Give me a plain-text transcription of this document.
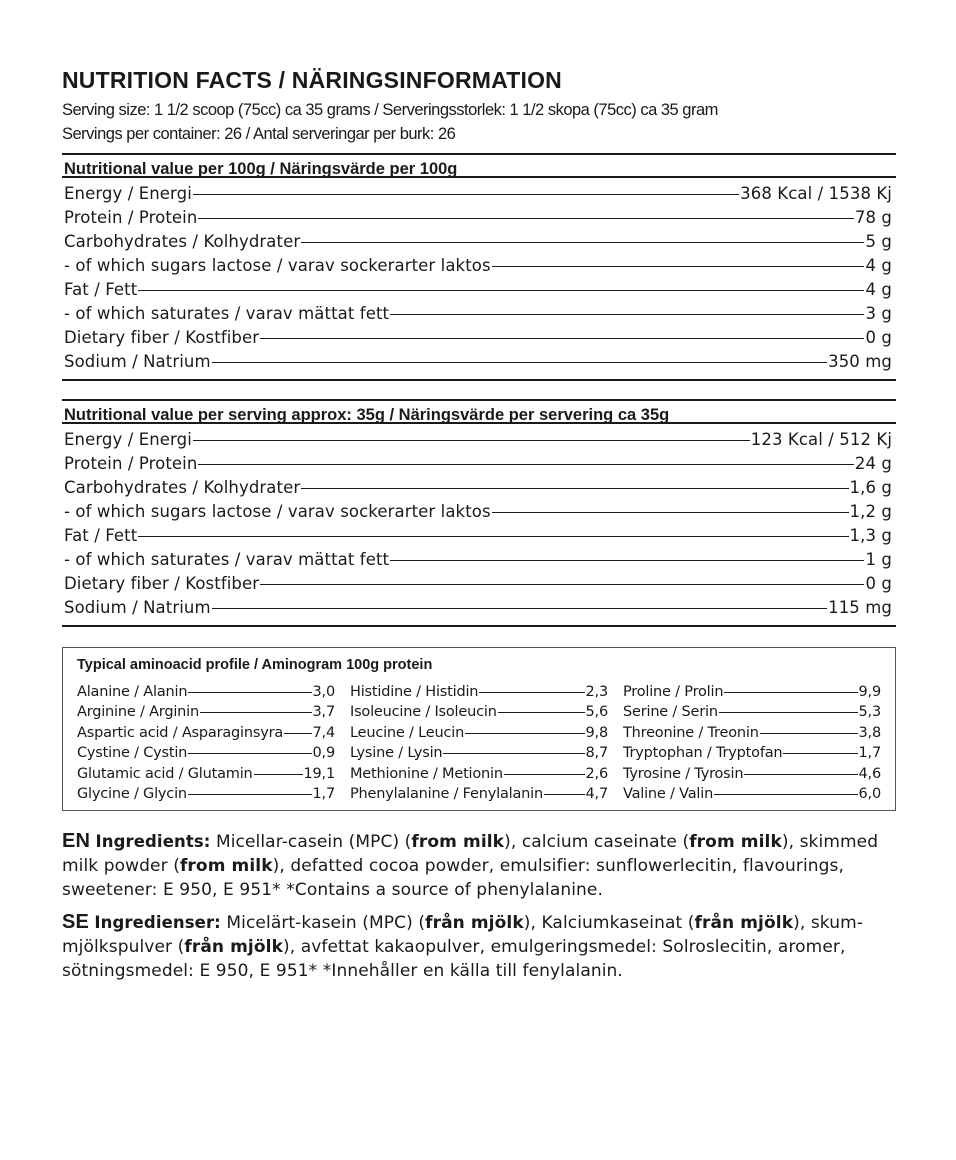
NUTRITION FACTS / NÄRINGSINFORMATION
Serving size: 1 1/2 scoop (75cc) ca 35 grams / Serveringsstorlek: 1 1/2 skopa (75cc) ca 35 gram
Servings per container: 26 / Antal serveringar per burk: 26
Nutritional value per 100g / Näringsvärde per 100g
Energy / Energi	368 Kcal / 1538 Kj
Protein / Protein	78 g
Carbohydrates / Kolhydrater	5 g
- of which sugars lactose / varav sockerarter laktos	4 g
Fat / Fett	4 g
- of which saturates / varav mättat fett	3 g
Dietary fiber / Kostfiber	0 g
Sodium / Natrium	350 mg
Nutritional value per serving approx: 35g / Näringsvärde per servering ca 35g
Energy / Energi	123 Kcal / 512 Kj
Protein / Protein	24 g
Carbohydrates / Kolhydrater	1,6 g
- of which sugars lactose / varav sockerarter laktos	1,2 g
Fat / Fett	1,3 g
- of which saturates / varav mättat fett	1 g
Dietary fiber / Kostfiber	0 g
Sodium / Natrium	115 mg
Typical aminoacid profile / Aminogram 100g protein
Alanine / Alanin	3,0
Arginine / Arginin	3,7
Aspartic acid / Asparaginsyra 7,4
Cystine / Cystin	0,9
Glutamic acid / Glutamin	19,1
Glycine / Glycin	1,7
Histidine / Histidin	2,3
Isoleucine / Isoleucin	5,6
Leucine / Leucin	9,8
Lysine / Lysin	8,7
Methionine / Metionin	2,6
Phenylalanine / Fenylalanin	4,7
Proline / Prolin	9,9
Serine / Serin	5,3
Threonine / Treonin	3,8
Tryptophan / Tryptofan	1,7
Tyrosine / Tyrosin	4,6
Valine / Valin	6,0

EN Ingredients: Micellar-casein (MPC) (from milk), calcium caseinate (from milk), skimmed milk powder (from milk), defatted cocoa powder, emulsifier: sunflowerlecitin, flavourings, sweetener: E 950, E 951* *Contains a source of phenylalanine.

SE Ingredienser: Micelärt-kasein (MPC) (från mjölk), Kalciumkaseinat (från mjölk), skum-mjölkspulver (från mjölk), avfettat kakaopulver, emulgeringsmedel: Solroslecitin, aromer, sötningsmedel: E 950, E 951* *Innehåller en källa till fenylalanin.
